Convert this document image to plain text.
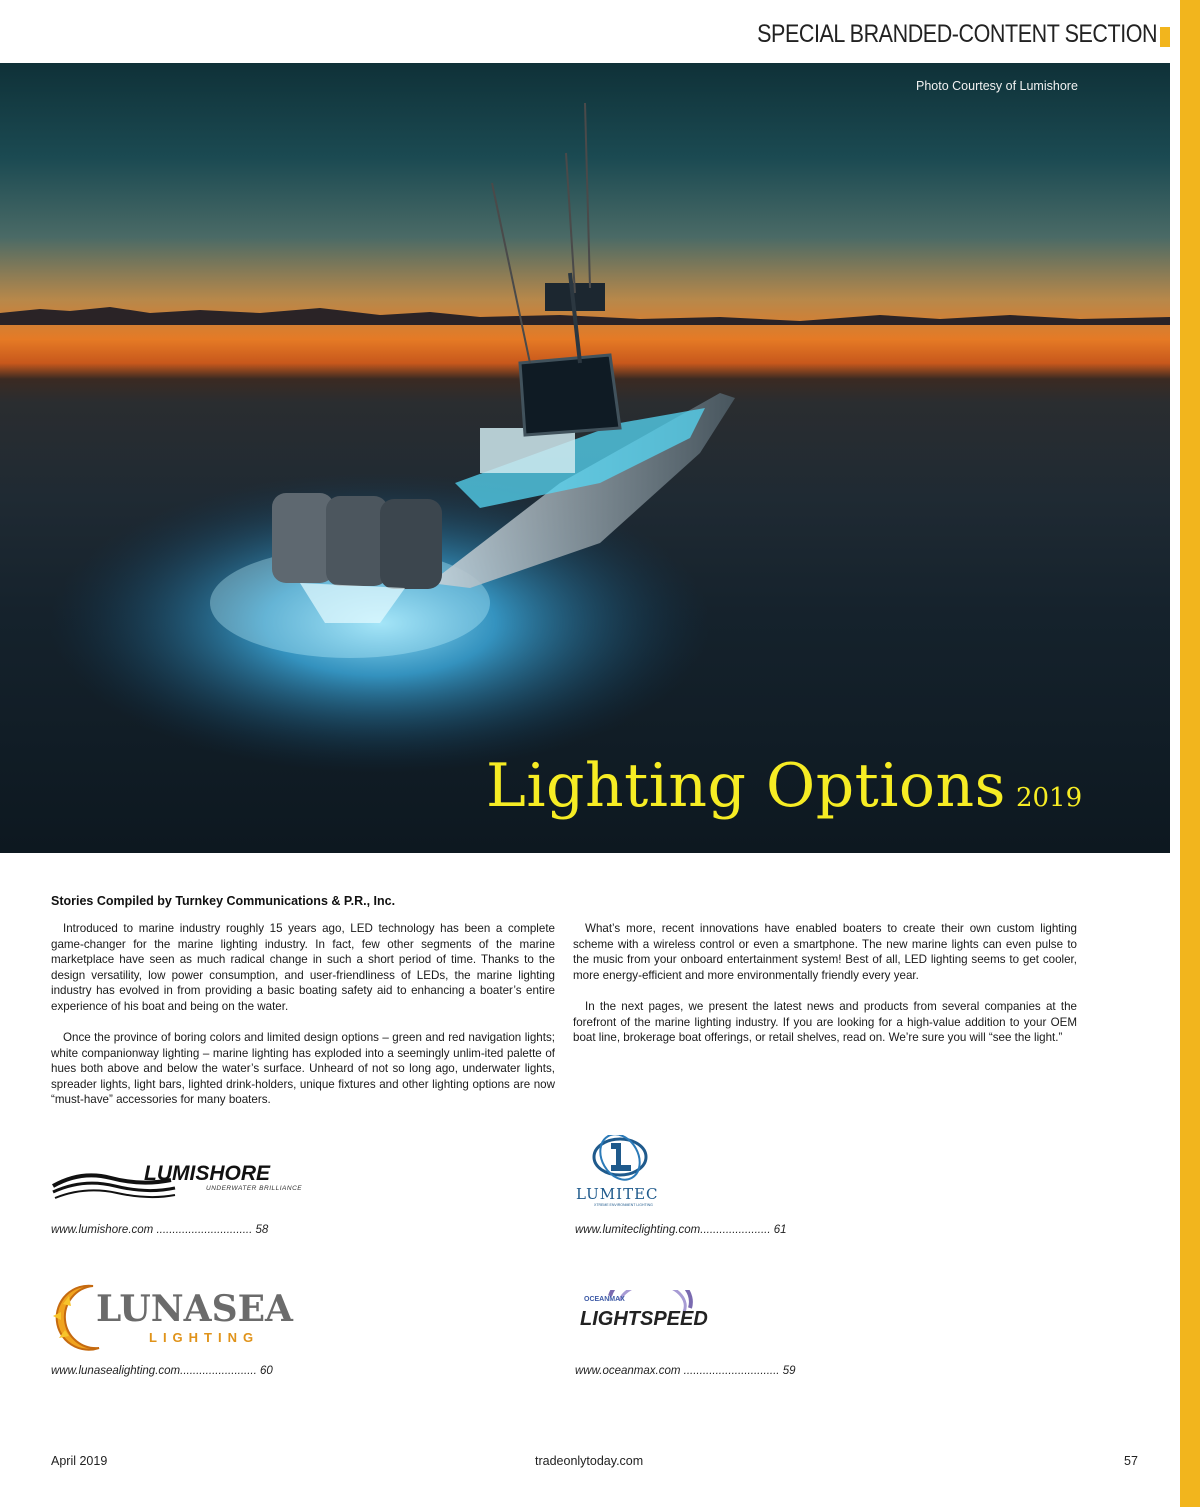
SPECIAL BRANDED-CONTENT SECTION
Photo Courtesy of Lumishore
Lighting Options 2019
Stories Compiled by Turnkey Communications & P.R., Inc.

Introduced to marine industry roughly 15 years ago, LED technology has been a complete game-changer for the marine lighting industry. In fact, few other segments of the marine marketplace have seen as much radical change in such a short period of time. Thanks to the design versatility, low power consumption, and user-friendliness of LEDs, the marine lighting industry has evolved in from providing a basic boating safety aid to enhancing a boater’s entire experience of his boat and being on the water.

Once the province of boring colors and limited design options – green and red navigation lights; white companionway lighting – marine lighting has exploded into a seemingly unlim-ited palette of hues both above and below the water’s surface. Unheard of not so long ago, underwater lights, spreader lights, light bars, lighted drink-holders, unique fixtures and other lighting options are now “must-have” accessories for many boaters.

What’s more, recent innovations have enabled boaters to create their own custom lighting scheme with a wireless control or even a smartphone. The new marine lights can even pulse to the music from your onboard entertainment system! Best of all, LED lighting seems to get cooler, more energy-efficient and more environmentally friendly every year.

In the next pages, we present the latest news and products from several companies at the forefront of the marine lighting industry. If you are looking for a high-value addition to your OEM boat line, brokerage boat offerings, or retail shelves, read on. We’re sure you will “see the light.”

LUMISHORE
UNDERWATER BRILLIANCE
www.lumishore.com .............................. 58
LUMITEC
XTREME ENVIRONMENT LIGHTING
www.lumiteclighting.com...................... 61
LUNASEA
LIGHTING
www.lunasealighting.com........................ 60
OCEANMAX
LIGHTSPEED
www.oceanmax.com .............................. 59
April 2019	tradeonlytoday.com	57
